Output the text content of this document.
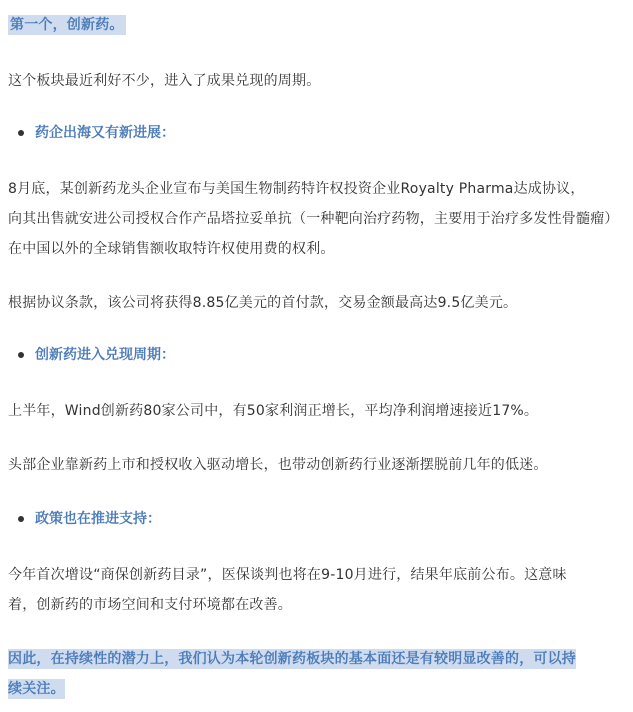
第一个，创新药。
这个板块最近利好不少，进入了成果兑现的周期。
药企出海又有新进展：
8月底，某创新药龙头企业宣布与美国生物制药特许权投资企业Royalty Pharma达成协议，
向其出售就安进公司授权合作产品塔拉妥单抗（一种靶向治疗药物，主要用于治疗多发性骨髓瘤）
在中国以外的全球销售额收取特许权使用费的权利。
根据协议条款，该公司将获得8.85亿美元的首付款，交易金额最高达9.5亿美元。
创新药进入兑现周期：
上半年，Wind创新药80家公司中，有50家利润正增长，平均净利润增速接近17%。
头部企业靠新药上市和授权收入驱动增长，也带动创新药行业逐渐摆脱前几年的低迷。
政策也在推进支持：
今年首次增设“商保创新药目录”，医保谈判也将在9-10月进行，结果年底前公布。这意味
着，创新药的市场空间和支付环境都在改善。
因此，在持续性的潜力上，我们认为本轮创新药板块的基本面还是有较明显改善的，可以持
续关注。
